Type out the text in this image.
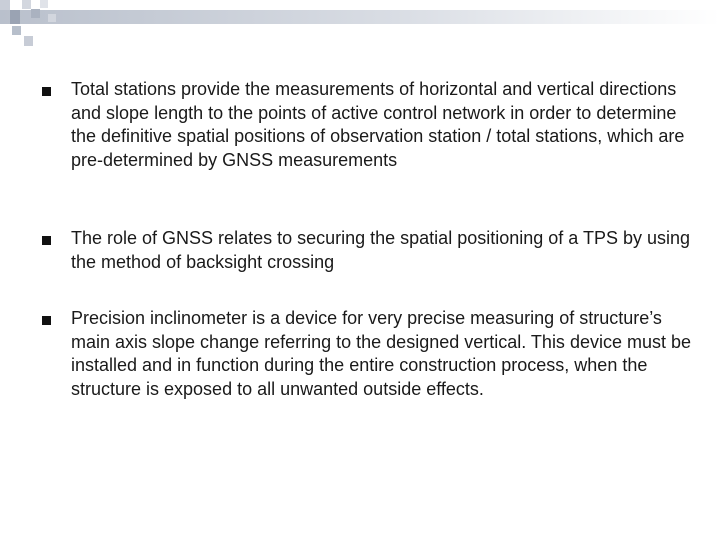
Total stations provide the measurements of horizontal and vertical directions and slope length to the points of active control network in order to determine the definitive spatial positions of observation station / total stations, which are pre-determined by GNSS measurements

The role of GNSS relates to securing the spatial positioning of a TPS by using the method of backsight crossing

Precision inclinometer is a device for very precise measuring of structure’s main axis slope change referring to the designed vertical. This device must be installed and in function during the entire construction process, when the structure is exposed to all unwanted outside effects.
